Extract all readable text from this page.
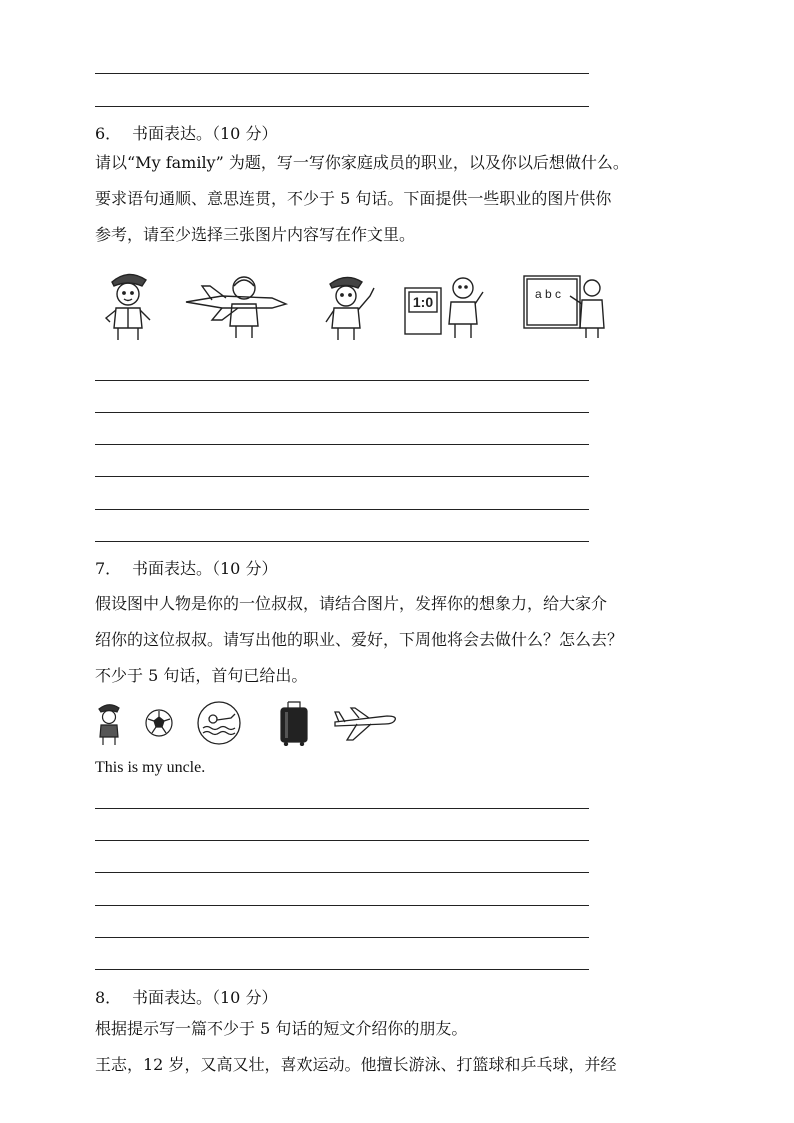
6． 书面表达。（10 分）
请以“My family” 为题，写一写你家庭成员的职业，以及你以后想做什么。
要求语句通顺、意思连贯，不少于 5 句话。下面提供一些职业的图片供你
参考，请至少选择三张图片内容写在作文里。
1:0	a b c
7． 书面表达。（10 分）
假设图中人物是你的一位叔叔，请结合图片，发挥你的想象力，给大家介
绍你的这位叔叔。请写出他的职业、爱好，下周他将会去做什么？怎么去？
不少于 5 句话，首句已给出。
This is my uncle.
8． 书面表达。（10 分）
根据提示写一篇不少于 5 句话的短文介绍你的朋友。
王志，12 岁，又高又壮，喜欢运动。他擅长游泳、打篮球和乒乓球，并经
